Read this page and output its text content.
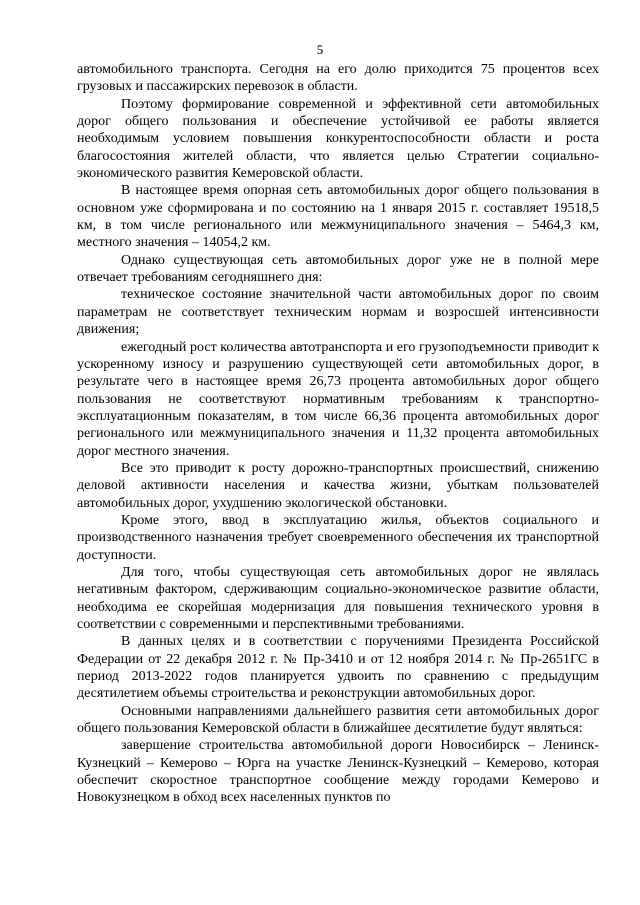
5

автомобильного транспорта. Сегодня на его долю приходится 75 процентов всех грузовых и пассажирских перевозок в области.

Поэтому формирование современной и эффективной сети автомобильных дорог общего пользования и обеспечение устойчивой ее работы является необходимым условием повышения конкурентоспособности области и роста благосостояния жителей области, что является целью Стратегии социально-экономического развития Кемеровской области.

В настоящее время опорная сеть автомобильных дорог общего пользования в основном уже сформирована и по состоянию на 1 января 2015 г. составляет 19518,5 км, в том числе регионального или межмуниципального значения – 5464,3 км, местного значения – 14054,2 км.

Однако существующая сеть автомобильных дорог уже не в полной мере отвечает требованиям сегодняшнего дня:

техническое состояние значительной части автомобильных дорог по своим параметрам не соответствует техническим нормам и возросшей интенсивности движения;

ежегодный рост количества автотранспорта и его грузоподъемности приводит к ускоренному износу и разрушению существующей сети автомобильных дорог, в результате чего в настоящее время 26,73 процента автомобильных дорог общего пользования не соответствуют нормативным требованиям к транспортно-эксплуатационным показателям, в том числе 66,36 процента автомобильных дорог регионального или межмуниципального значения и 11,32 процента автомобильных дорог местного значения.

Все это приводит к росту дорожно-транспортных происшествий, снижению деловой активности населения и качества жизни, убыткам пользователей автомобильных дорог, ухудшению экологической обстановки.

Кроме этого, ввод в эксплуатацию жилья, объектов социального и производственного назначения требует своевременного обеспечения их транспортной доступности.

Для того, чтобы существующая сеть автомобильных дорог не являлась негативным фактором, сдерживающим социально-экономическое развитие области, необходима ее скорейшая модернизация для повышения технического уровня в соответствии с современными и перспективными требованиями.

В данных целях и в соответствии с поручениями Президента Российской Федерации от 22 декабря 2012 г. № Пр-3410 и от 12 ноября 2014 г. № Пр-2651ГС в период 2013-2022 годов планируется удвоить по сравнению с предыдущим десятилетием объемы строительства и реконструкции автомобильных дорог.

Основными направлениями дальнейшего развития сети автомобильных дорог общего пользования Кемеровской области в ближайшее десятилетие будут являться:

завершение строительства автомобильной дороги Новосибирск – Ленинск-Кузнецкий – Кемерово – Юрга на участке Ленинск-Кузнецкий – Кемерово, которая обеспечит скоростное транспортное сообщение между городами Кемерово и Новокузнецком в обход всех населенных пунктов по
